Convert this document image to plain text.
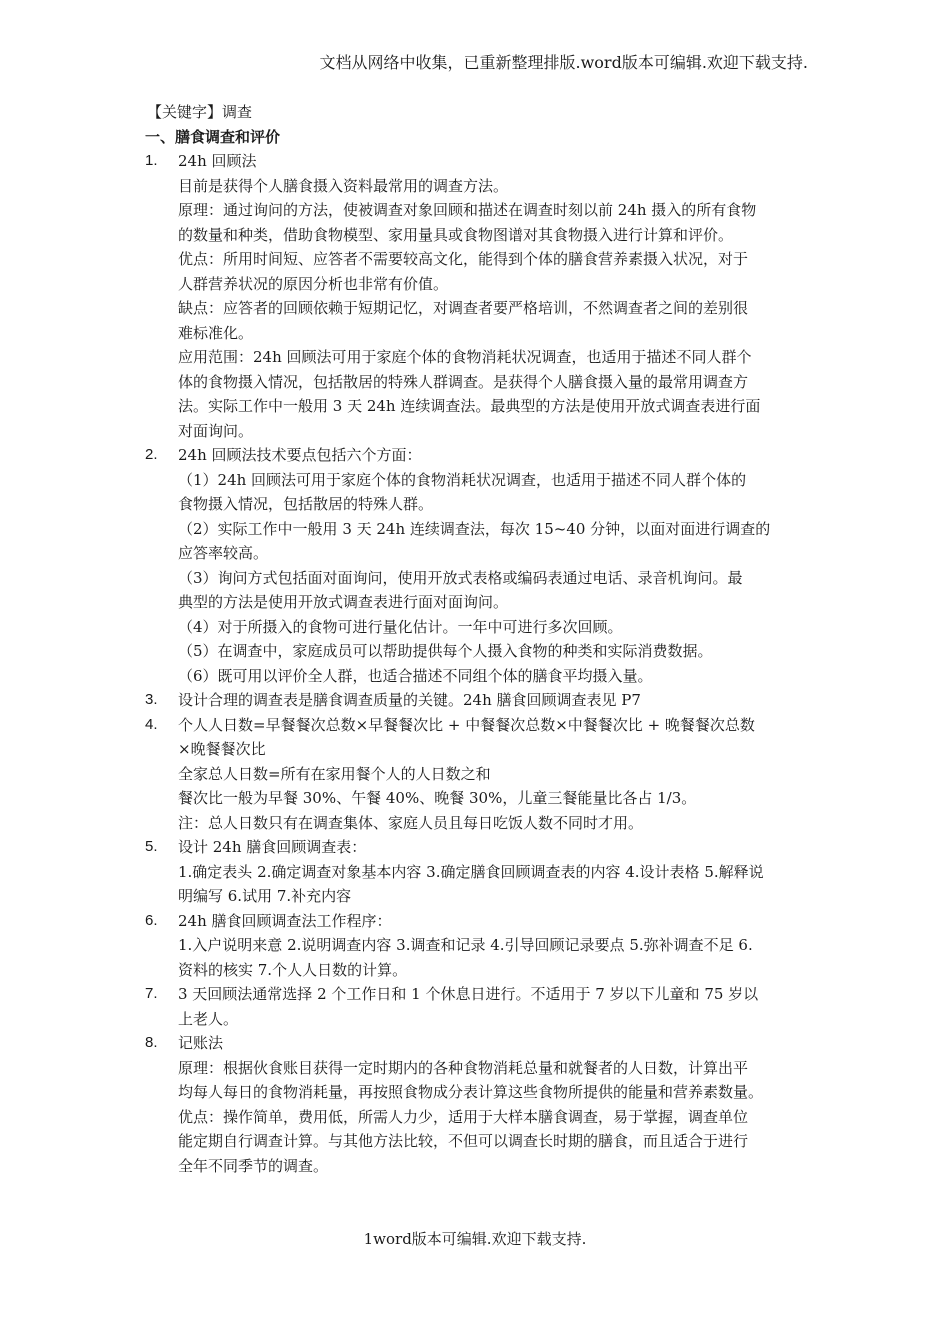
文档从网络中收集，已重新整理排版.word版本可编辑.欢迎下载支持.
【关键字】调查
一、膳食调查和评价
1.	24h 回顾法
目前是获得个人膳食摄入资料最常用的调查方法。
原理：通过询问的方法，使被调查对象回顾和描述在调查时刻以前 24h 摄入的所有食物
的数量和种类，借助食物模型、家用量具或食物图谱对其食物摄入进行计算和评价。
优点：所用时间短、应答者不需要较高文化，能得到个体的膳食营养素摄入状况，对于
人群营养状况的原因分析也非常有价值。
缺点：应答者的回顾依赖于短期记忆，对调查者要严格培训，不然调查者之间的差别很
难标准化。
应用范围：24h 回顾法可用于家庭个体的食物消耗状况调查，也适用于描述不同人群个
体的食物摄入情况，包括散居的特殊人群调查。是获得个人膳食摄入量的最常用调查方
法。实际工作中一般用 3 天 24h 连续调查法。最典型的方法是使用开放式调查表进行面
对面询问。
2.	24h 回顾法技术要点包括六个方面：
（1）24h 回顾法可用于家庭个体的食物消耗状况调查，也适用于描述不同人群个体的
食物摄入情况，包括散居的特殊人群。
（2）实际工作中一般用 3 天 24h 连续调查法，每次 15~40 分钟，以面对面进行调查的
应答率较高。
（3）询问方式包括面对面询问，使用开放式表格或编码表通过电话、录音机询问。最
典型的方法是使用开放式调查表进行面对面询问。
（4）对于所摄入的食物可进行量化估计。一年中可进行多次回顾。
（5）在调查中，家庭成员可以帮助提供每个人摄入食物的种类和实际消费数据。
（6）既可用以评价全人群，也适合描述不同组个体的膳食平均摄入量。
3.	设计合理的调查表是膳食调查质量的关键。24h 膳食回顾调查表见 P7
4.	个人人日数=早餐餐次总数×早餐餐次比 + 中餐餐次总数×中餐餐次比 + 晚餐餐次总数
×晚餐餐次比
全家总人日数=所有在家用餐个人的人日数之和
餐次比一般为早餐 30%、午餐 40%、晚餐 30%，儿童三餐能量比各占 1/3。
注：总人日数只有在调查集体、家庭人员且每日吃饭人数不同时才用。
5.	设计 24h 膳食回顾调查表：
1.确定表头 2.确定调查对象基本内容 3.确定膳食回顾调查表的内容 4.设计表格 5.解释说
明编写 6.试用 7.补充内容
6.	24h 膳食回顾调查法工作程序：
1.入户说明来意 2.说明调查内容 3.调查和记录 4.引导回顾记录要点 5.弥补调查不足 6.
资料的核实 7.个人人日数的计算。
7.	3 天回顾法通常选择 2 个工作日和 1 个休息日进行。不适用于 7 岁以下儿童和 75 岁以
上老人。
8.	记账法
原理：根据伙食账目获得一定时期内的各种食物消耗总量和就餐者的人日数，计算出平
均每人每日的食物消耗量，再按照食物成分表计算这些食物所提供的能量和营养素数量。
优点：操作简单，费用低，所需人力少，适用于大样本膳食调查，易于掌握，调查单位
能定期自行调查计算。与其他方法比较，不但可以调查长时期的膳食，而且适合于进行
全年不同季节的调查。
1word版本可编辑.欢迎下载支持.
